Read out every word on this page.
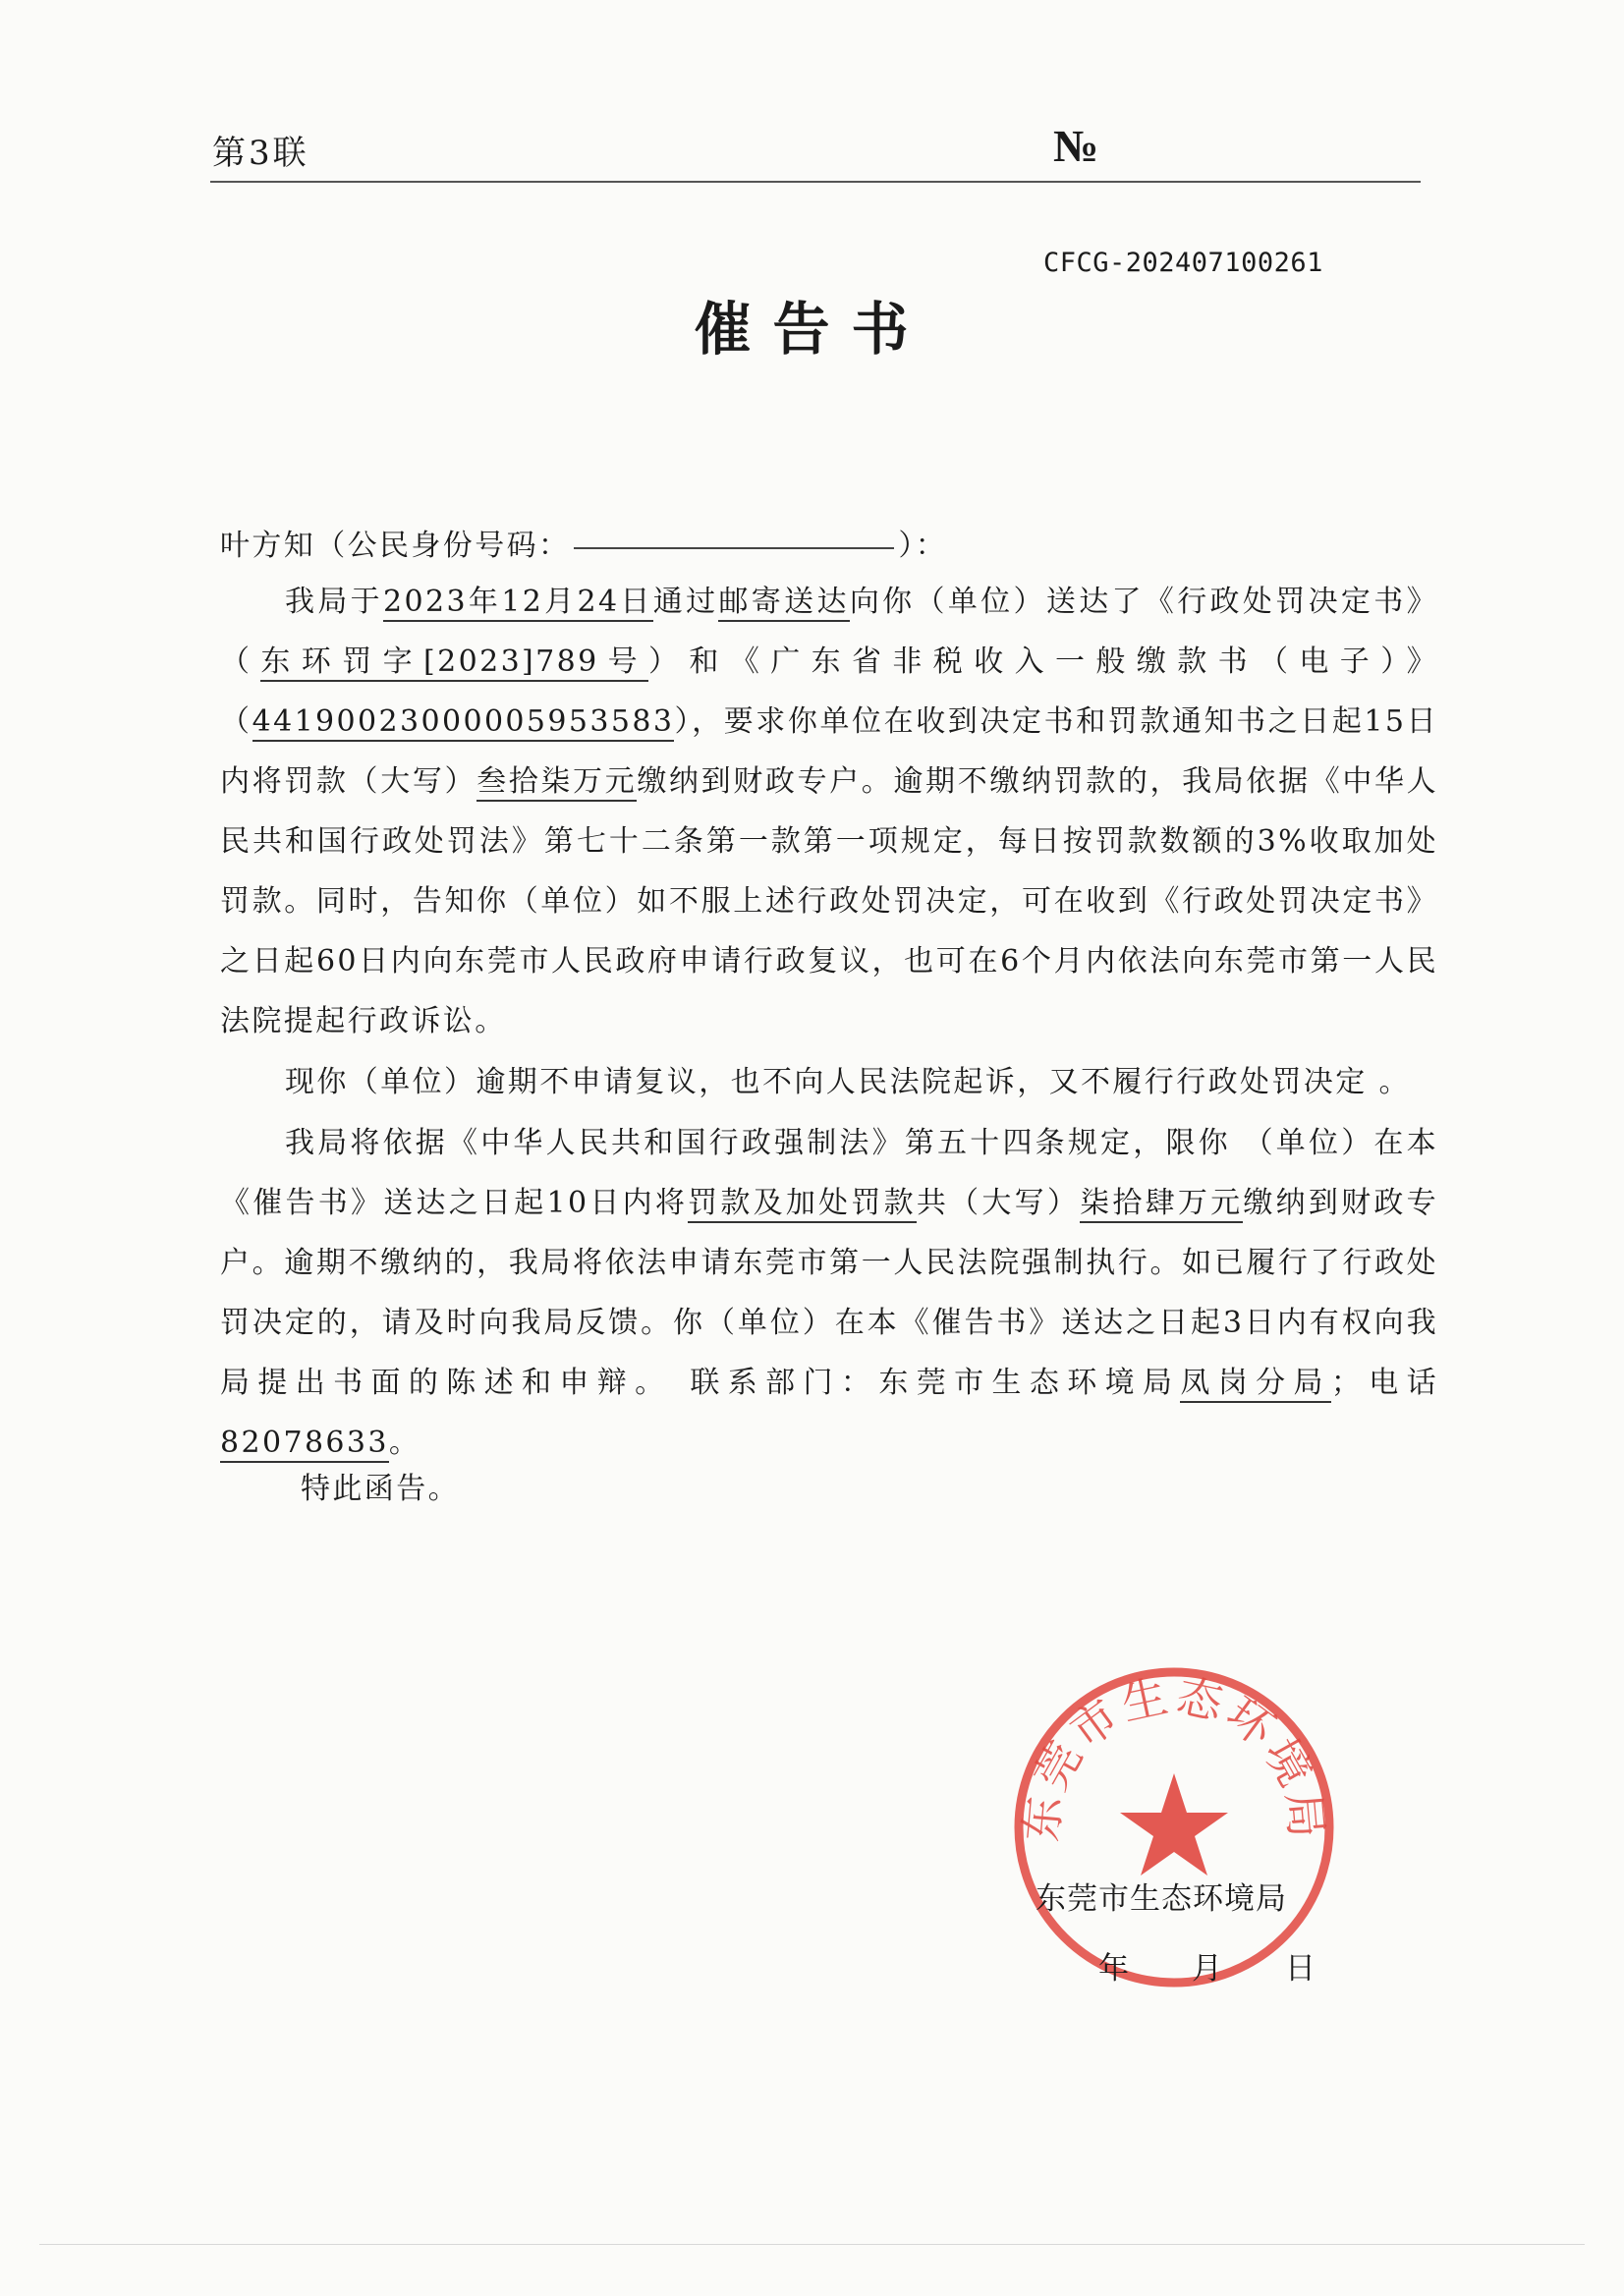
第3联	№
CFCG-202407100261
催告书
叶方知（公民身份号码：	）：

我局于2023年12月24日通过邮寄送达向你（单位）送达了《行政处罚决定书》（东环罚字[2023]789号）和《广东省非税收入一般缴款书（电子）》（4419002300000595358​3），要求你单位在收到决定书和罚款通知书之日起15日内将罚款（大写）叁拾柒万元缴纳到财政专户。逾期不缴纳罚款的，我局依据《中华人民共和国行政处罚法》第七十二条第一款第一项规定，每日按罚款数额的3%收取加处罚款。同时，告知你（单位）如不服上述行政处罚决定，可在收到《行政处罚决定书》之日起60日内向东莞市人民政府申请行政复议，也可在6个月内依法向东莞市第一人民法院提起行政诉讼。

现你（单位）逾期不申请复议，也不向人民法院起诉，又不履行行政处罚决定 。

我局将依据《中华人民共和国行政强制法》第五十四条规定，限你 （单位）在本《催告书》送达之日起10日内将罚款及加处罚款共（大写）柒拾肆万元缴纳到财政专户。逾期不缴纳的，我局将依法申请东莞市第一人民法院强制执行。如已履行了行政处罚决定的，请及时向我局反馈。你（单位）在本《催告书》送达之日起3日内有权向我局提出书面的陈述和申辩。 联系部门：东莞市生态环境局凤岗分局；电话82078633。

特此函告。
东莞市生态环境局
东莞市生态环境局
年 月 日
